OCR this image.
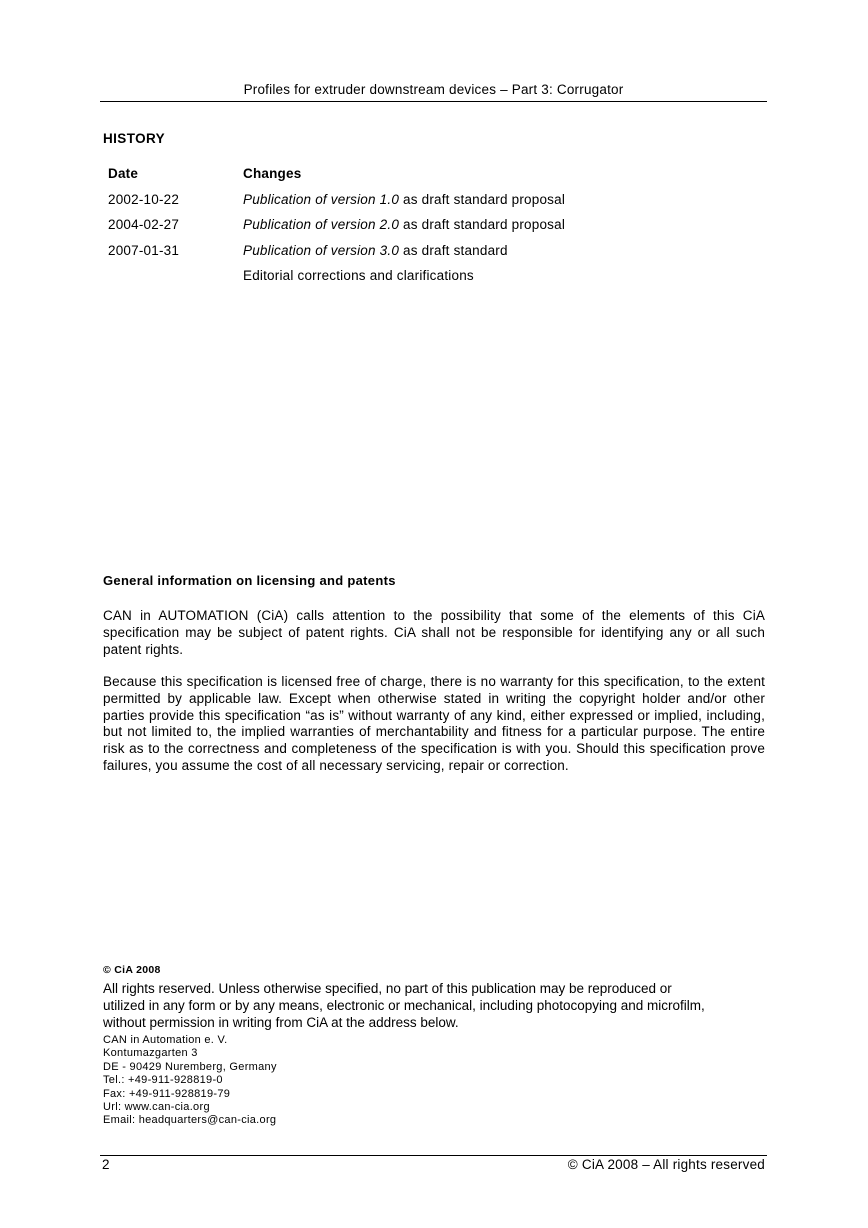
Profiles for extruder downstream devices – Part 3: Corrugator
HISTORY
Date	Changes
2002-10-22	Publication of version 1.0 as draft standard proposal
2004-02-27	Publication of version 2.0 as draft standard proposal
2007-01-31	Publication of version 3.0 as draft standard
Editorial corrections and clarifications
General information on licensing and patents
CAN in AUTOMATION (CiA) calls attention to the possibility that some of the elements of this CiA specification may be subject of patent rights. CiA shall not be responsible for identifying any or all such patent rights.
Because this specification is licensed free of charge, there is no warranty for this specification, to the extent permitted by applicable law. Except when otherwise stated in writing the copyright holder and/or other parties provide this specification “as is” without warranty of any kind, either expressed or implied, including, but not limited to, the implied warranties of merchantability and fitness for a particular purpose. The entire risk as to the correctness and completeness of the specification is with you. Should this specification prove failures, you assume the cost of all necessary servicing, repair or correction.
© CiA 2008
All rights reserved. Unless otherwise specified, no part of this publication may be reproduced or
utilized in any form or by any means, electronic or mechanical, including photocopying and microfilm,
without permission in writing from CiA at the address below.
CAN in Automation e. V.
Kontumazgarten 3
DE - 90429 Nuremberg, Germany
Tel.: +49-911-928819-0
Fax: +49-911-928819-79
Url: www.can-cia.org
Email: headquarters@can-cia.org
2	© CiA 2008 – All rights reserved
